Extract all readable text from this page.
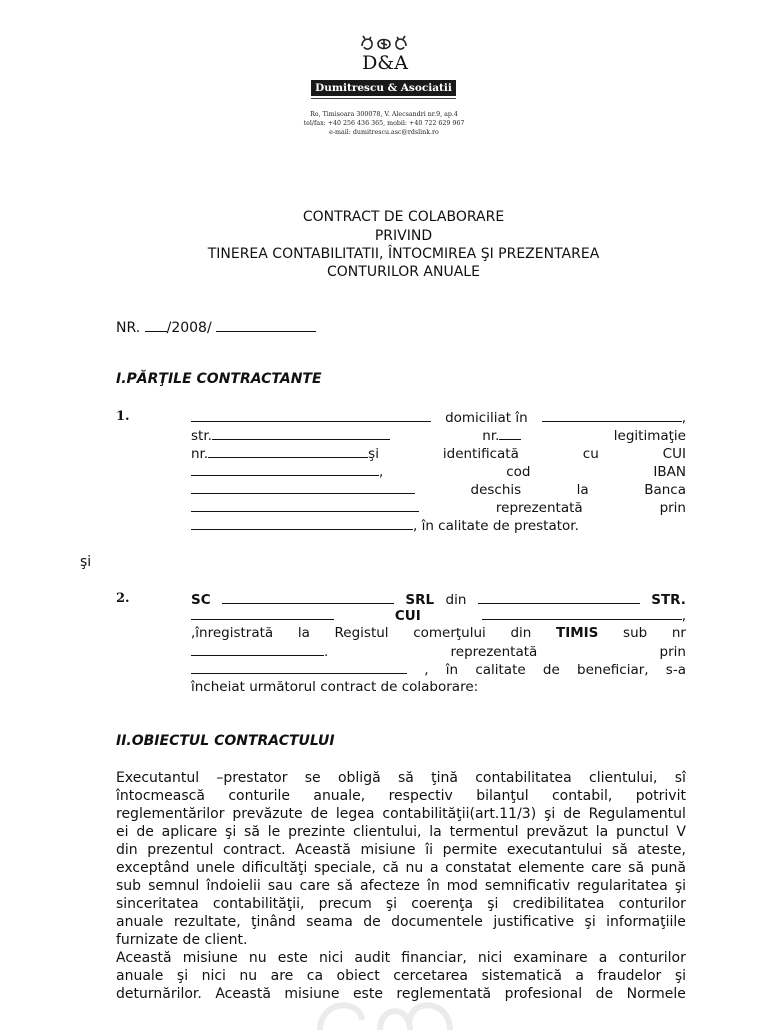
D&A
Dumitrescu & Asociatii
Ro, Timisoara 300078, V. Alecsandri nr.9, ap.4
tel/fax: +40 256 436 365, mobil: +40 722 629 967
e-mail: dumitrescu.asc@rdslink.ro
CONTRACT DE COLABORARE
PRIVIND
TINEREA CONTABILITATII, ÎNTOCMIREA ŞI PREZENTAREA
CONTURILOR ANUALE
NR. /2008/
I.PĂRŢILE CONTRACTANTE
1.	domiciliat în	,
str.	nr.	legitimaţie
nr.	şi	identificată	cu	CUI
,	cod	IBAN
deschis	la	Banca
reprezentată	prin
, în calitate de prestator.
şi
2.	SC	SRL din	STR.
CUI	,
,înregistrată la Registul comerţului din TIMIS sub nr
.	reprezentată	prin
, în calitate de beneficiar, s-a
încheiat următorul contract de colaborare:
II.OBIECTUL CONTRACTULUI
Executantul –prestator se obligă să ţină contabilitatea clientului, sî
întocmească conturile anuale, respectiv bilanţul contabil, potrivit
reglementărilor prevăzute de legea contabilităţii(art.11/3) şi de Regulamentul
ei de aplicare şi să le prezinte clientului, la termentul prevăzut la punctul V
din prezentul contract. Această misiune îi permite executantului să ateste,
exceptând unele dificultăţi speciale, că nu a constatat elemente care să pună
sub semnul îndoielii sau care să afecteze în mod semnificativ regularitatea şi
sinceritatea contabilităţii, precum şi coerenţa şi credibilitatea conturilor
anuale rezultate, ţinând seama de documentele justificative şi informaţiile
furnizate de client.
Această misiune nu este nici audit financiar, nici examinare a conturilor
anuale şi nici nu are ca obiect cercetarea sistematică a fraudelor şi
deturnărilor. Această misiune este reglementată profesional de Normele
